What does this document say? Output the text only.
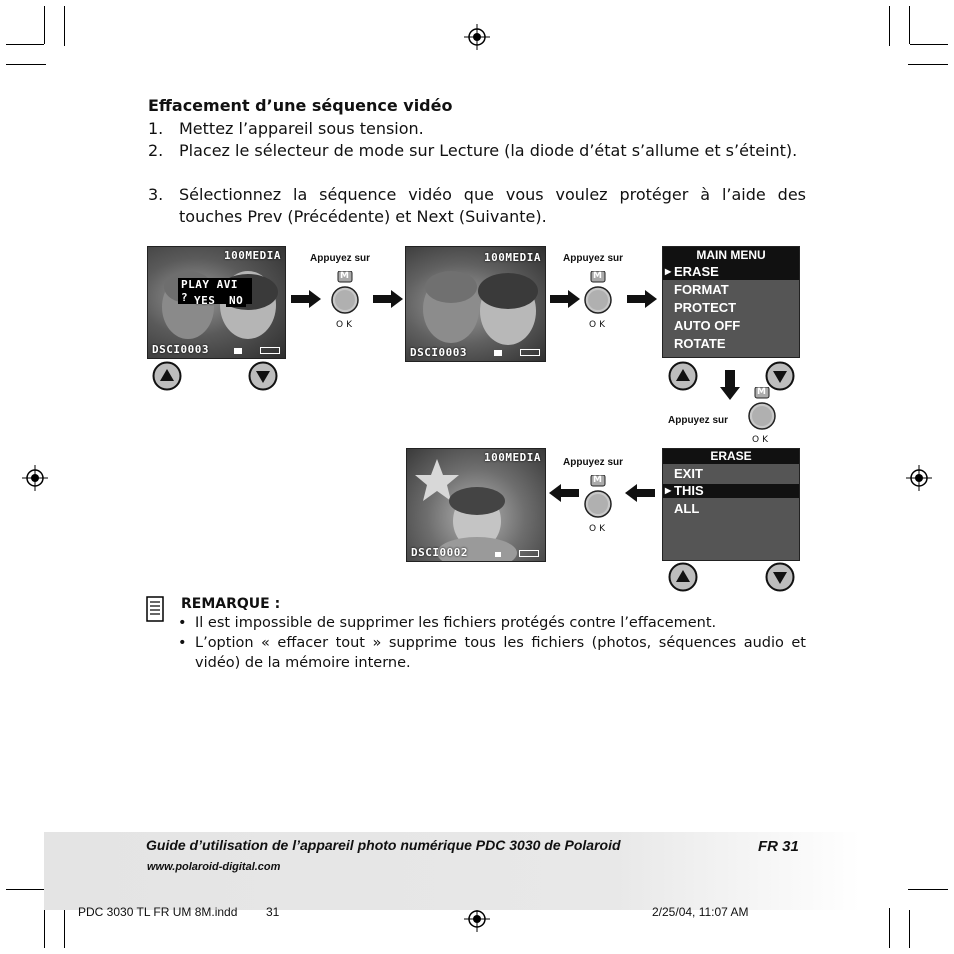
Effacement d’une séquence vidéo
1. Mettez l’appareil sous tension.
2. Placez le sélecteur de mode sur Lecture (la diode d’état s’allume et s’éteint).
3. Sélectionnez la séquence vidéo que vous voulez protéger à l’aide des touches Prev (Précédente) et Next (Suivante).
100MEDIA
PLAY AVI ? YES NO
DSCI0003
Appuyez sur
M
OK
100MEDIA
DSCI0003
Appuyez sur
M
OK
MAIN MENU
▶ ERASE
FORMAT
PROTECT
AUTO OFF
ROTATE
Appuyez sur
M
OK
100MEDIA
DSCI0002
Appuyez sur
M
OK
ERASE
EXIT
▶ THIS
ALL
REMARQUE :
• Il est impossible de supprimer les fichiers protégés contre l’effacement.
• L’option « effacer tout » supprime tous les fichiers (photos, séquences audio et vidéo) de la mémoire interne.
Guide d’utilisation de l’appareil photo numérique PDC 3030 de Polaroid	FR 31
www.polaroid-digital.com
PDC 3030 TL FR UM 8M.indd 31	2/25/04, 11:07 AM
